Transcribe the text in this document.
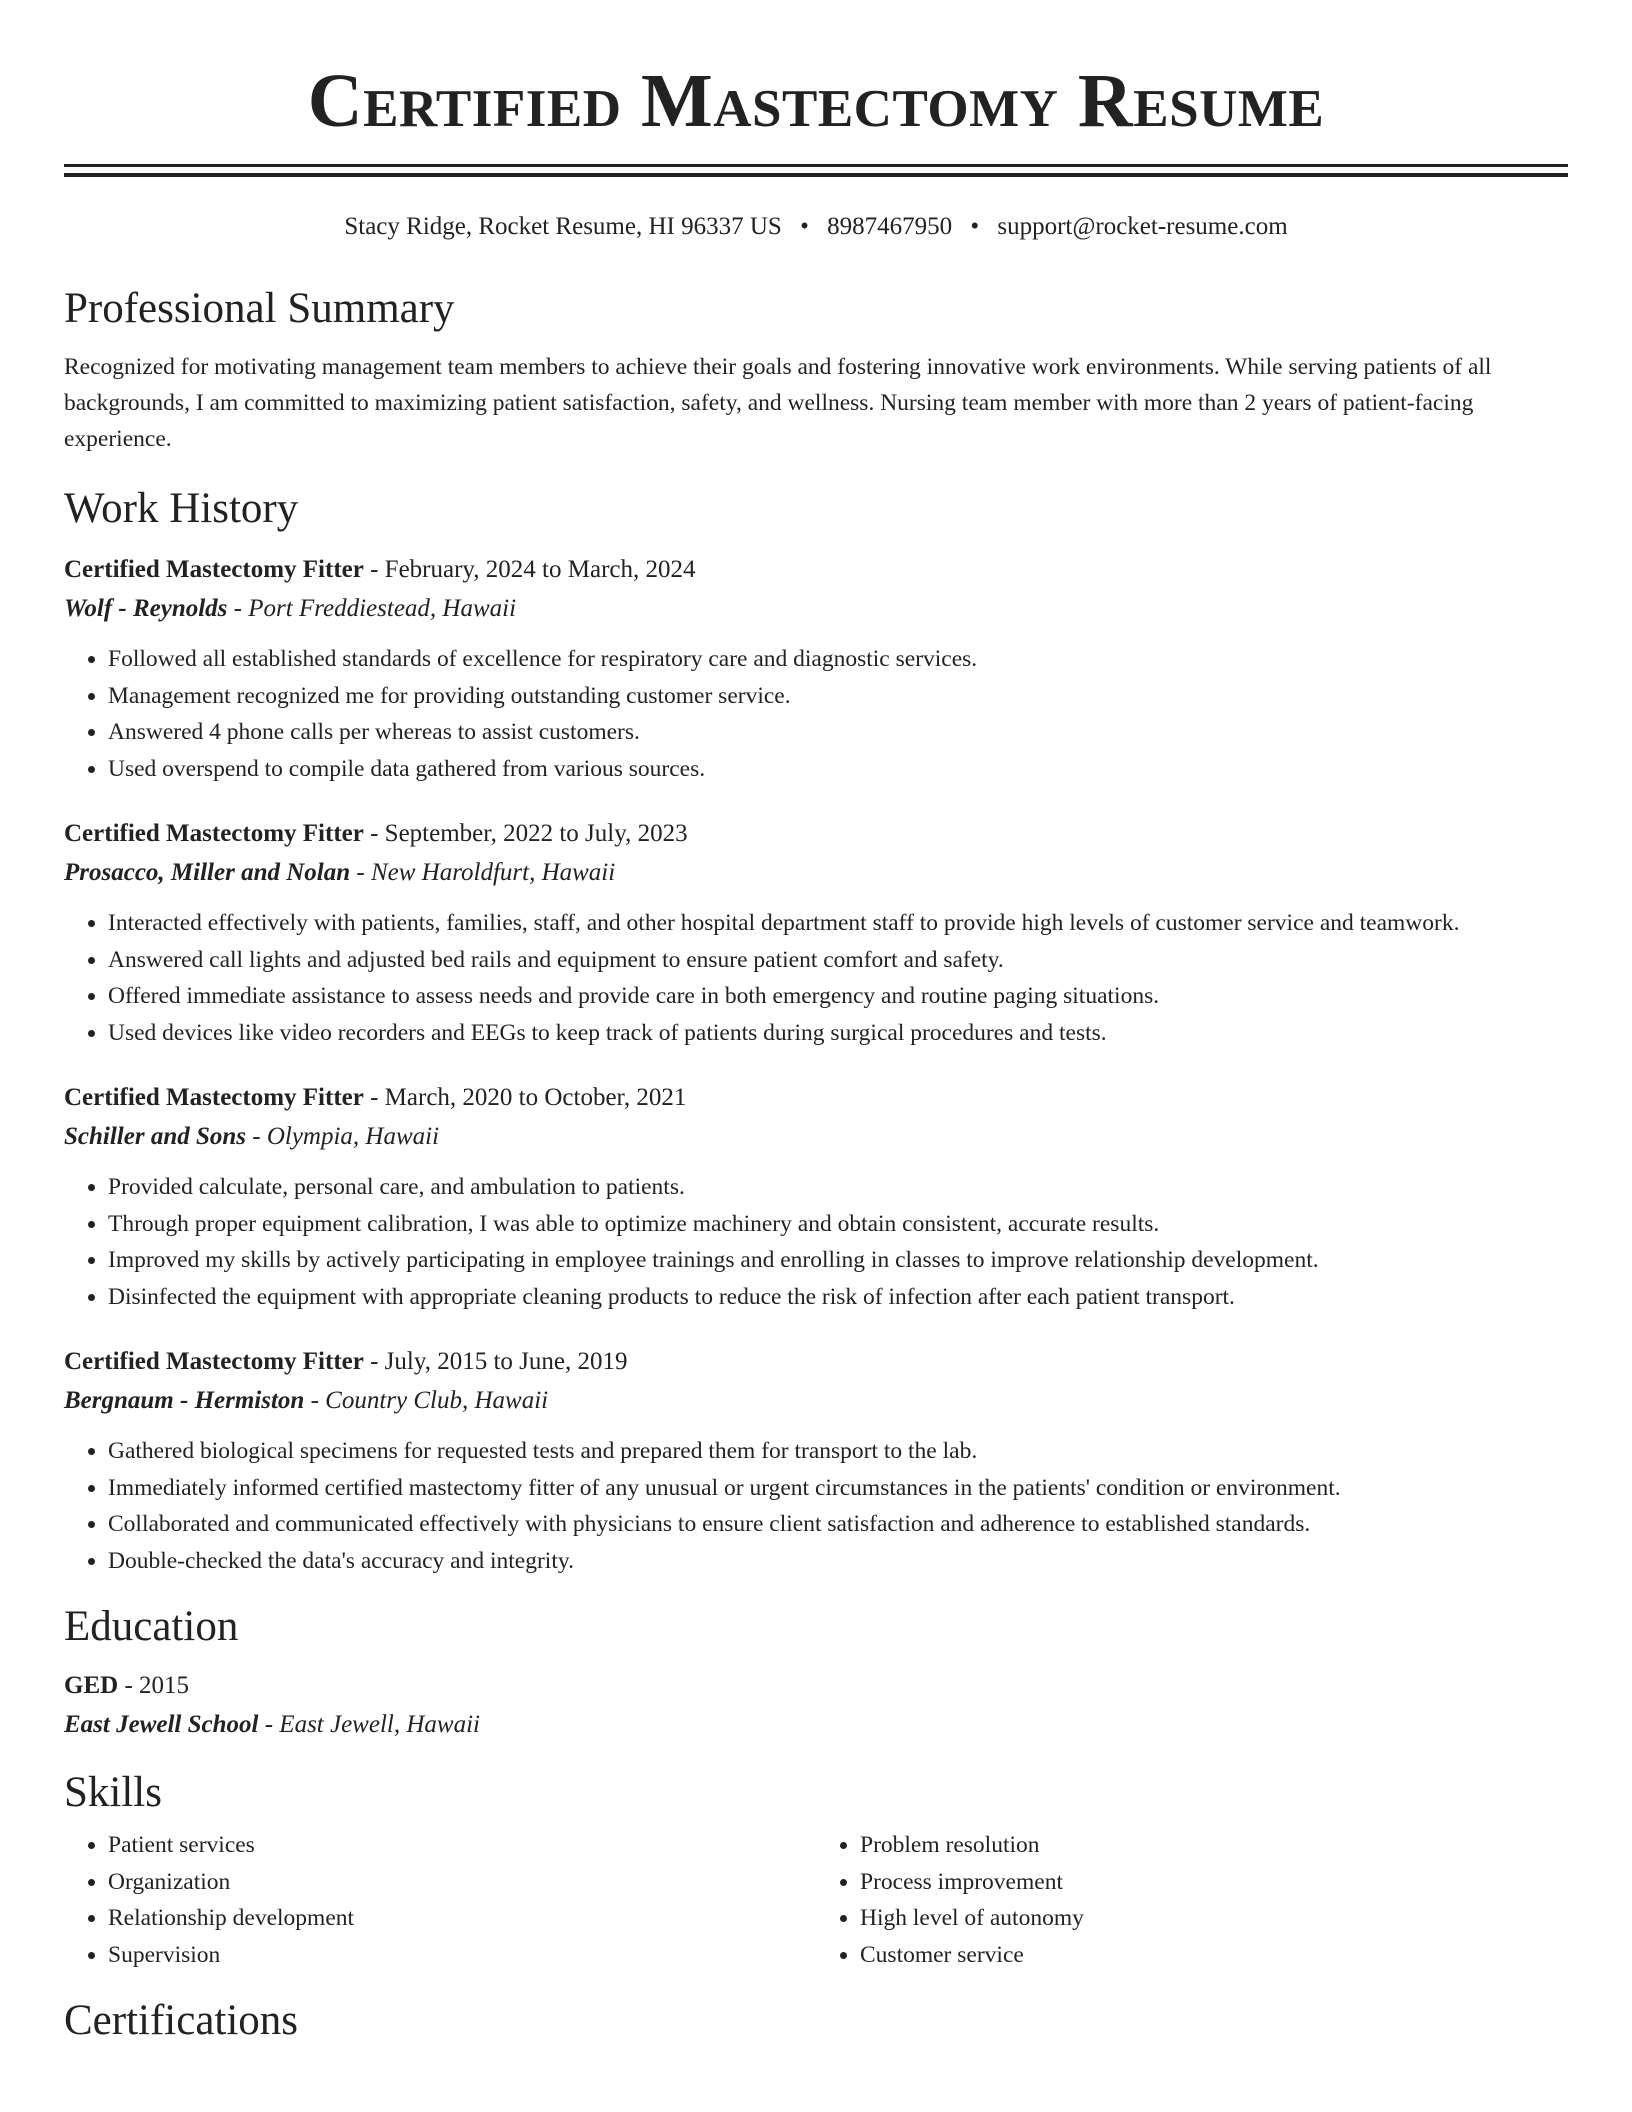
Certified Mastectomy Resume
Stacy Ridge, Rocket Resume, HI 96337 US • 8987467950 • support@rocket-resume.com
Professional Summary

Recognized for motivating management team members to achieve their goals and fostering innovative work environments. While serving patients of all backgrounds, I am committed to maximizing patient satisfaction, safety, and wellness. Nursing team member with more than 2 years of patient-facing experience.

Work History
Certified Mastectomy Fitter - February, 2024 to March, 2024
Wolf - Reynolds - Port Freddiestead, Hawaii
• Followed all established standards of excellence for respiratory care and diagnostic services.
• Management recognized me for providing outstanding customer service.
• Answered 4 phone calls per whereas to assist customers.
• Used overspend to compile data gathered from various sources.
Certified Mastectomy Fitter - September, 2022 to July, 2023
Prosacco, Miller and Nolan - New Haroldfurt, Hawaii
• Interacted effectively with patients, families, staff, and other hospital department staff to provide high levels of customer service and teamwork.
• Answered call lights and adjusted bed rails and equipment to ensure patient comfort and safety.
• Offered immediate assistance to assess needs and provide care in both emergency and routine paging situations.
• Used devices like video recorders and EEGs to keep track of patients during surgical procedures and tests.
Certified Mastectomy Fitter - March, 2020 to October, 2021
Schiller and Sons - Olympia, Hawaii
• Provided calculate, personal care, and ambulation to patients.
• Through proper equipment calibration, I was able to optimize machinery and obtain consistent, accurate results.
• Improved my skills by actively participating in employee trainings and enrolling in classes to improve relationship development.
• Disinfected the equipment with appropriate cleaning products to reduce the risk of infection after each patient transport.
Certified Mastectomy Fitter - July, 2015 to June, 2019
Bergnaum - Hermiston - Country Club, Hawaii
• Gathered biological specimens for requested tests and prepared them for transport to the lab.
• Immediately informed certified mastectomy fitter of any unusual or urgent circumstances in the patients' condition or environment.
• Collaborated and communicated effectively with physicians to ensure client satisfaction and adherence to established standards.
• Double-checked the data's accuracy and integrity.
Education
GED - 2015
East Jewell School - East Jewell, Hawaii
Skills
• Patient services
• Organization
• Relationship development
• Supervision
• Problem resolution
• Process improvement
• High level of autonomy
• Customer service
Certifications
